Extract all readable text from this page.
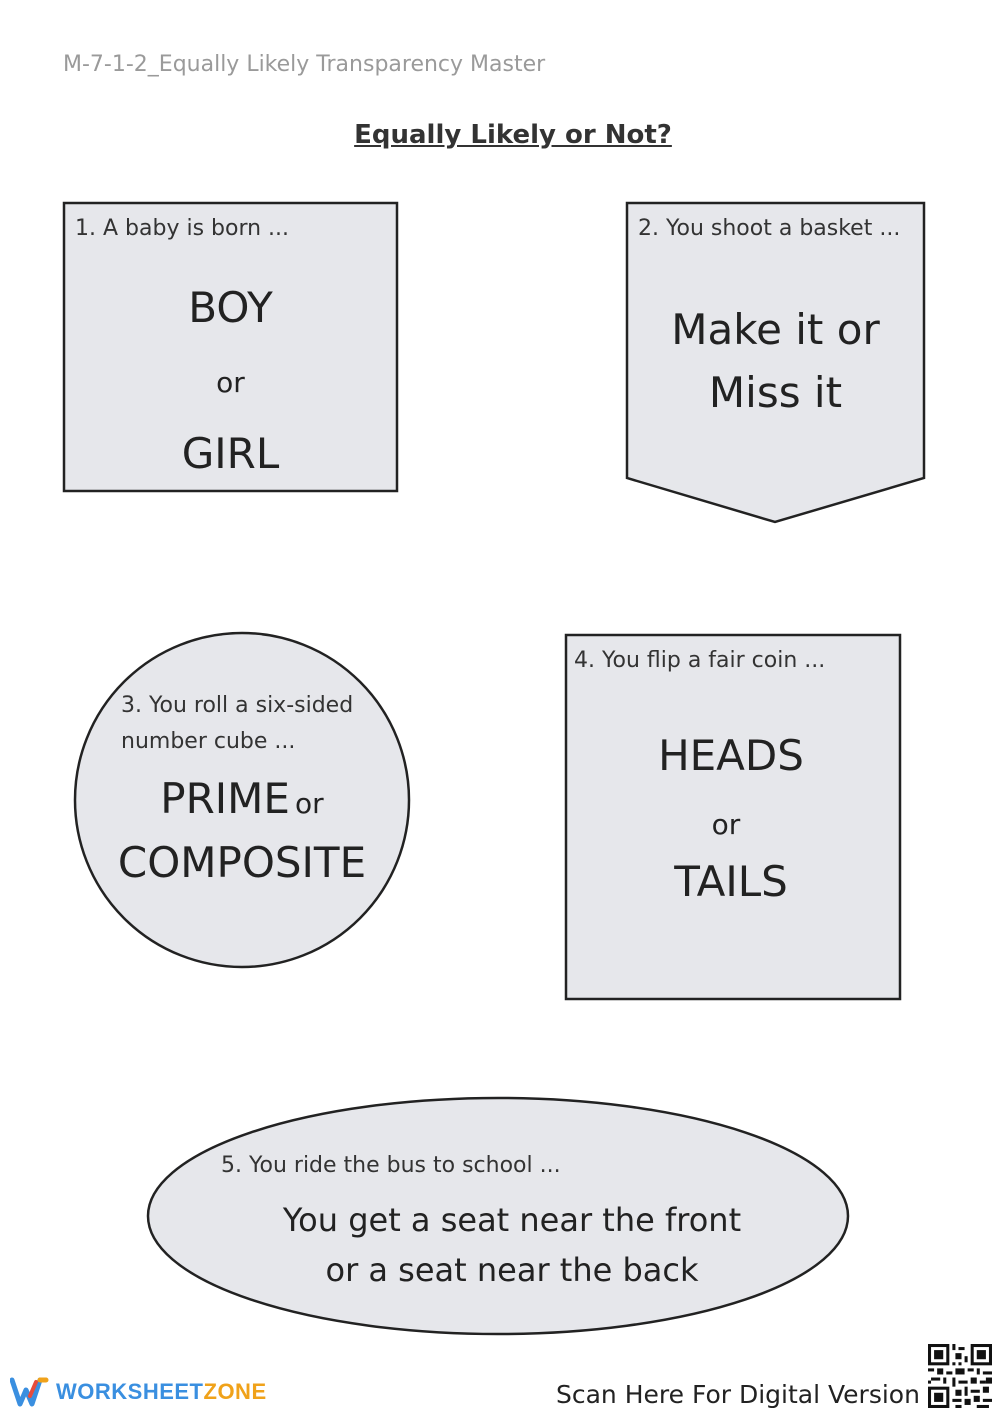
M-7-1-2_Equally Likely Transparency Master
Equally Likely or Not?
1. A baby is born ...
BOY
or
GIRL
2. You shoot a basket ...
Make it or
Miss it
3. You roll a six-sided
number cube ...
PRIME or
COMPOSITE
4. You flip a fair coin ...
HEADS
or
TAILS
5. You ride the bus to school ...
You get a seat near the front
or a seat near the back
WORKSHEETZONE	Scan Here For Digital Version
